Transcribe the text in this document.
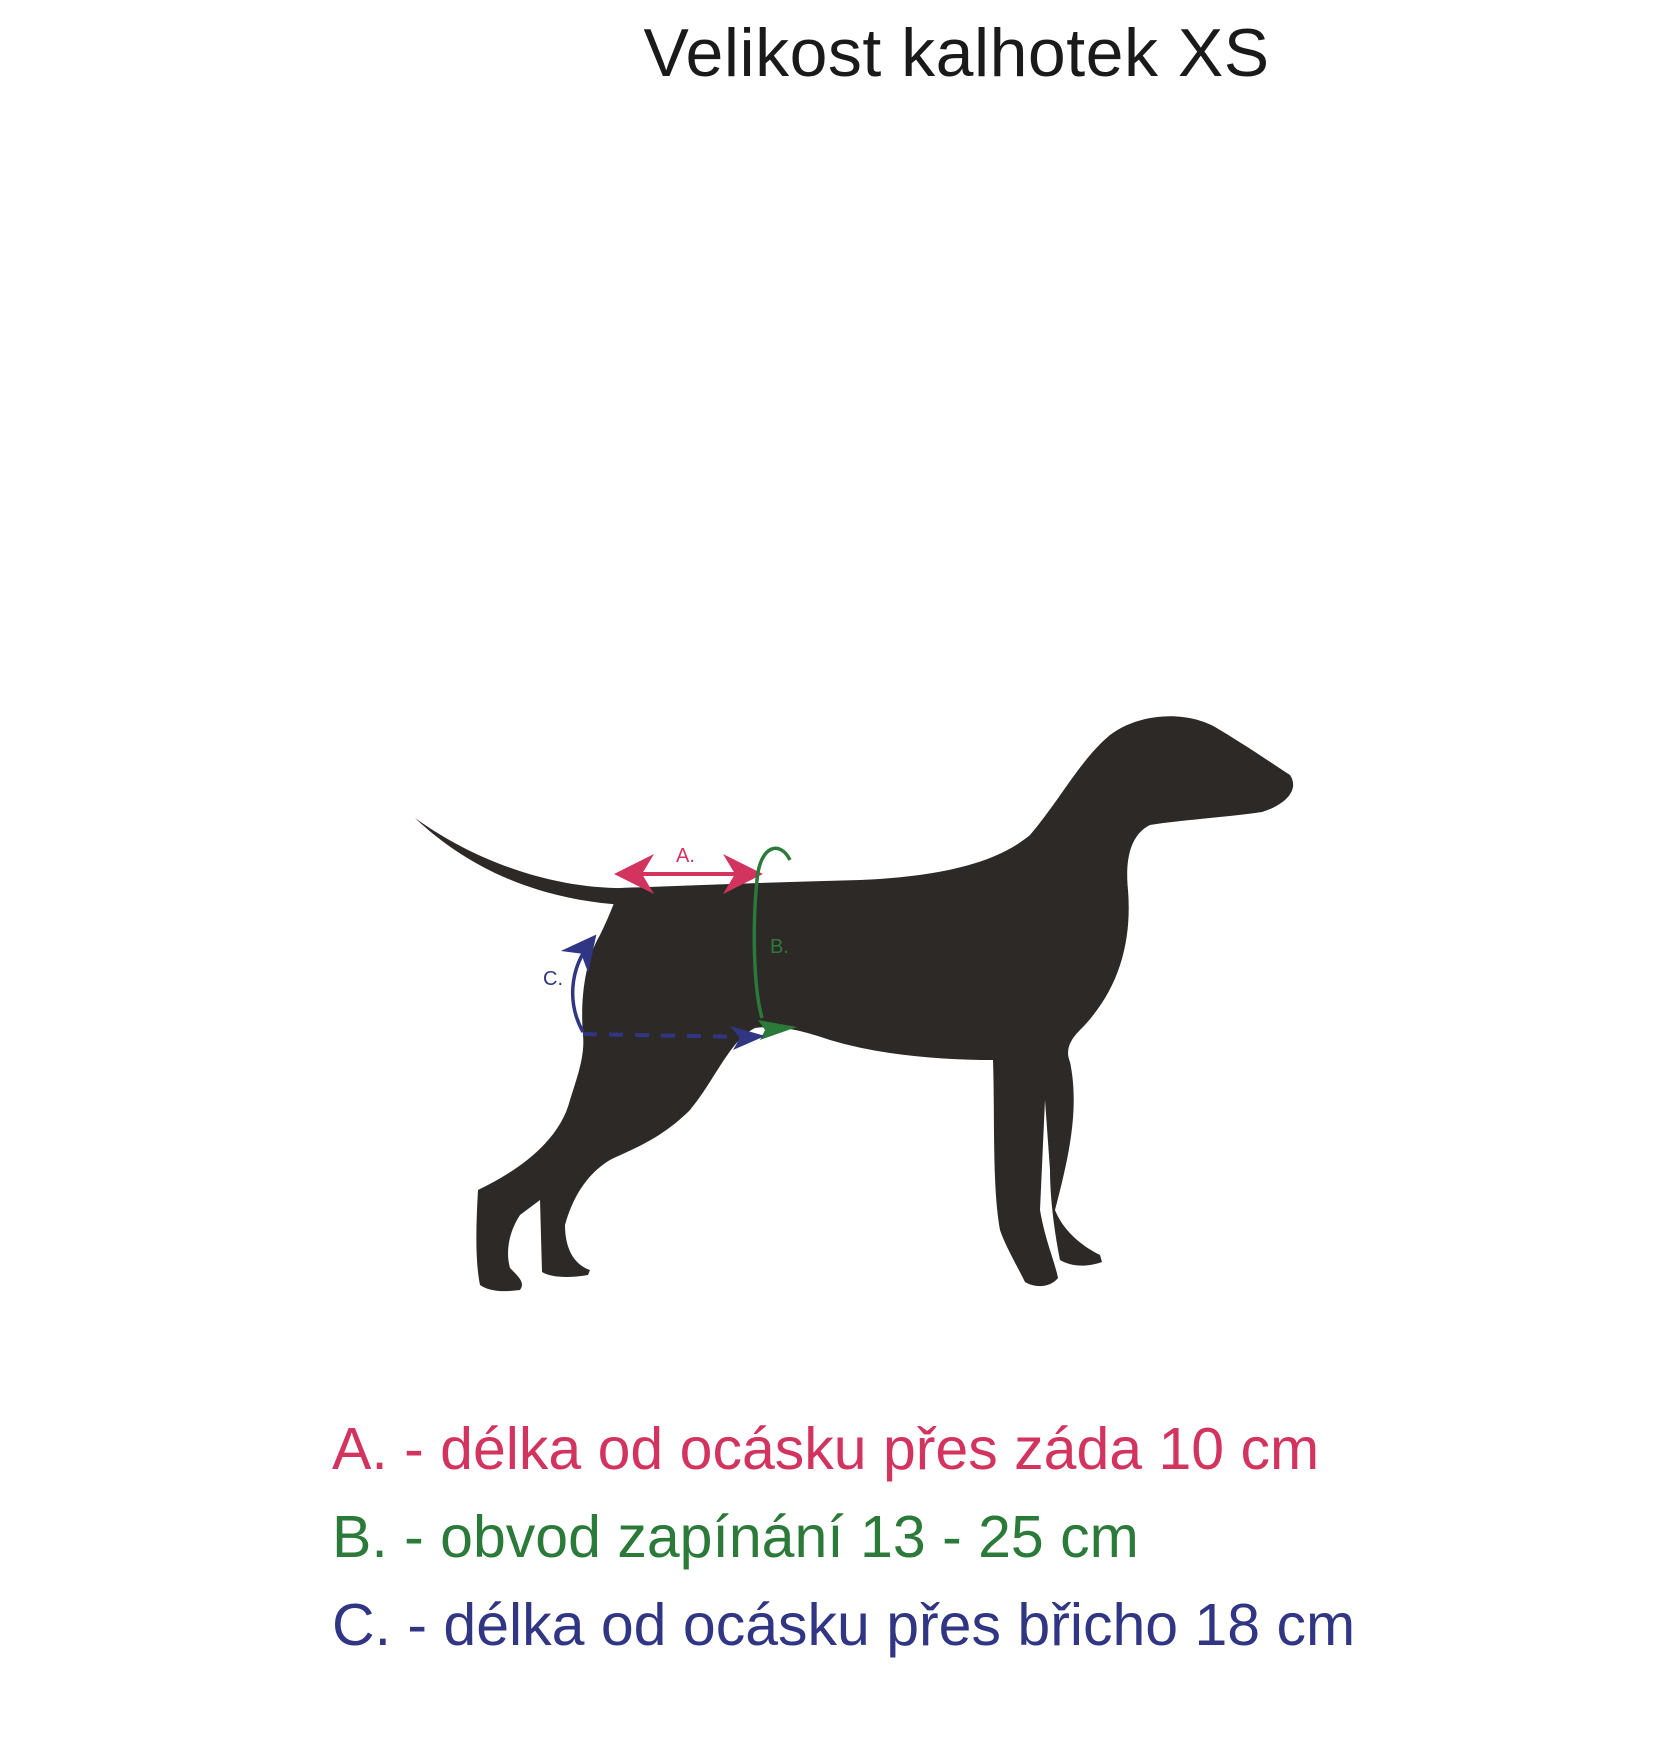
Velikost kalhotek XS
A.
B.
C.
A. - délka od ocásku přes záda 10 cm
B. - obvod zapínání 13 - 25 cm
C. - délka od ocásku přes břicho 18 cm
